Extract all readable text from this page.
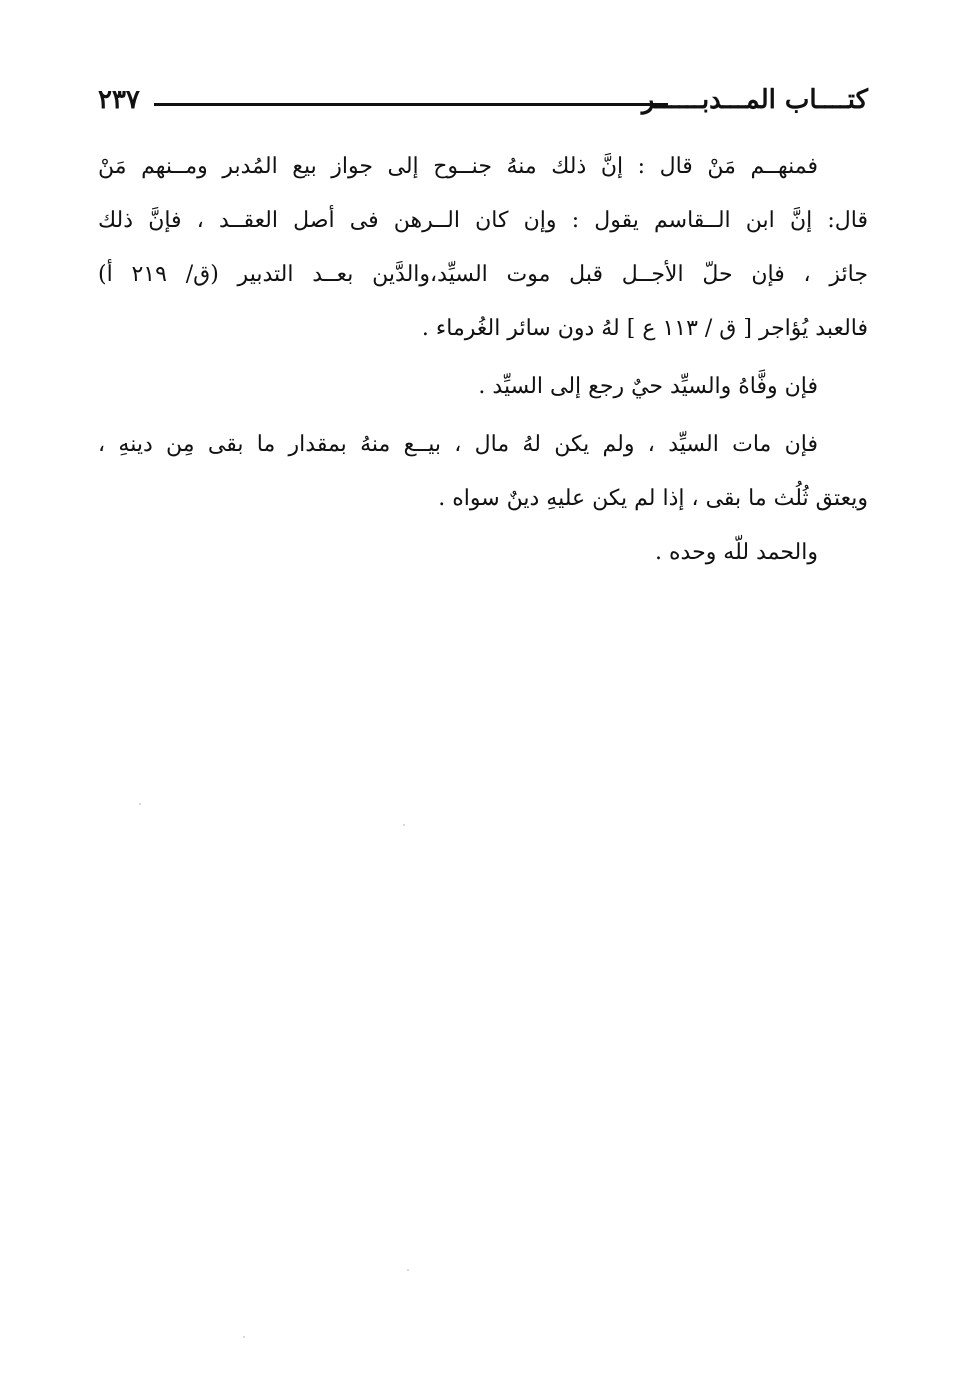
٢٣٧	كتــــاب المـــدبــــــر
فمنهــم مَنْ قال : إنَّ ذلك منهُ جنــوح إلى جواز بيع المُدبر ومــنهم مَنْ
قال: إنَّ ابن الــقاسم يقول : وإن كان الــرهن فى أصل العقــد ، فإنَّ ذلك
جائز ، فإن حلّ الأجــل قبل موت السيِّد،والدَّين بعــد التدبير (ق/ ٢١٩ أ)
فالعبد يُؤاجر [ ق / ١١٣ ع ] لهُ دون سائر الغُرماء .
فإن وفَّاهُ والسيِّد حيٌ رجع إلى السيِّد .
فإن مات السيِّد ، ولم يكن لهُ مال ، بيــع منهُ بمقدار ما بقى مِن دينهِ ،
ويعتق ثُلُث ما بقى ، إذا لم يكن عليهِ دينٌ سواه .
والحمد للّه وحده .
